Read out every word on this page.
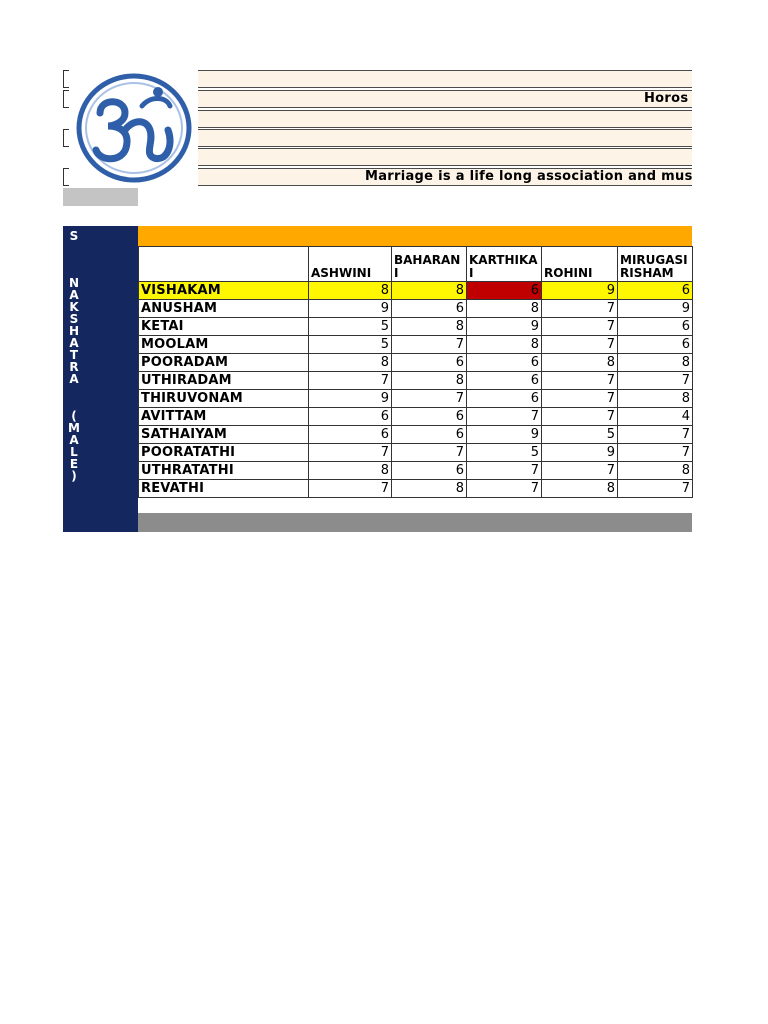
Horos
Marriage is a life long association and mus
S
N
A
K
S
H
A
T
R
A
(
M
A
L
E
)
	ASHWINI	BAHARAN I	KARTHIKA I	ROHINI	MIRUGASI RISHAM
VISHAKAM	8	8	6	9	6
ANUSHAM	9	6	8	7	9
KETAI	5	8	9	7	6
MOOLAM	5	7	8	7	6
POORADAM	8	6	6	8	8
UTHIRADAM	7	8	6	7	7
THIRUVONAM	9	7	6	7	8
AVITTAM	6	6	7	7	4
SATHAIYAM	6	6	9	5	7
POORATATHI	7	7	5	9	7
UTHRATATHI	8	6	7	7	8
REVATHI	7	8	7	8	7
